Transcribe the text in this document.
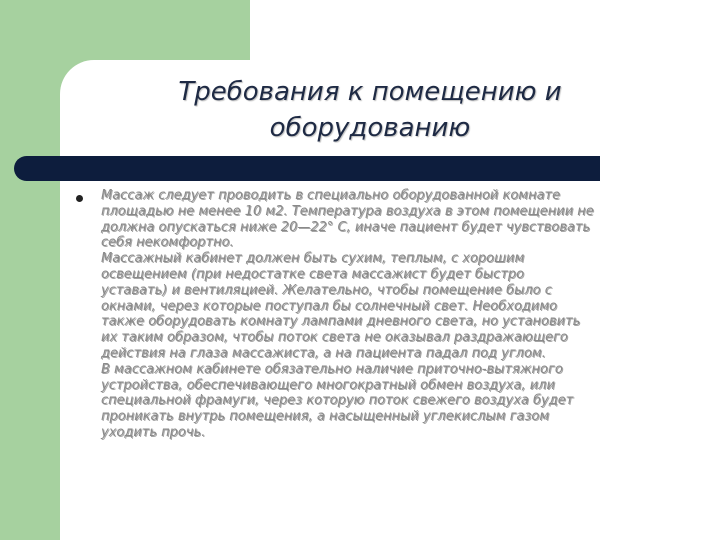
Требования к помещению и оборудованию
Массаж следует проводить в специально оборудованной комнате
площадью не менее 10 м2. Температура воздуха в этом помещении не
должна опускаться ниже 20—22° С, иначе пациент будет чувствовать
себя некомфортно.
Массажный кабинет должен быть сухим, теплым, с хорошим
освещением (при недостатке света массажист будет быстро
уставать) и вентиляцией. Желательно, чтобы помещение было с
окнами, через которые поступал бы солнечный свет. Необходимо
также оборудовать комнату лампами дневного света, но установить
их таким образом, чтобы поток света не оказывал раздражающего
действия на глаза массажиста, а на пациента падал под углом.
В массажном кабинете обязательно наличие приточно-вытяжного
устройства, обеспечивающего многократный обмен воздуха, или
специальной фрамуги, через которую поток свежего воздуха будет
проникать внутрь помещения, а насыщенный углекислым газом
уходить прочь.
